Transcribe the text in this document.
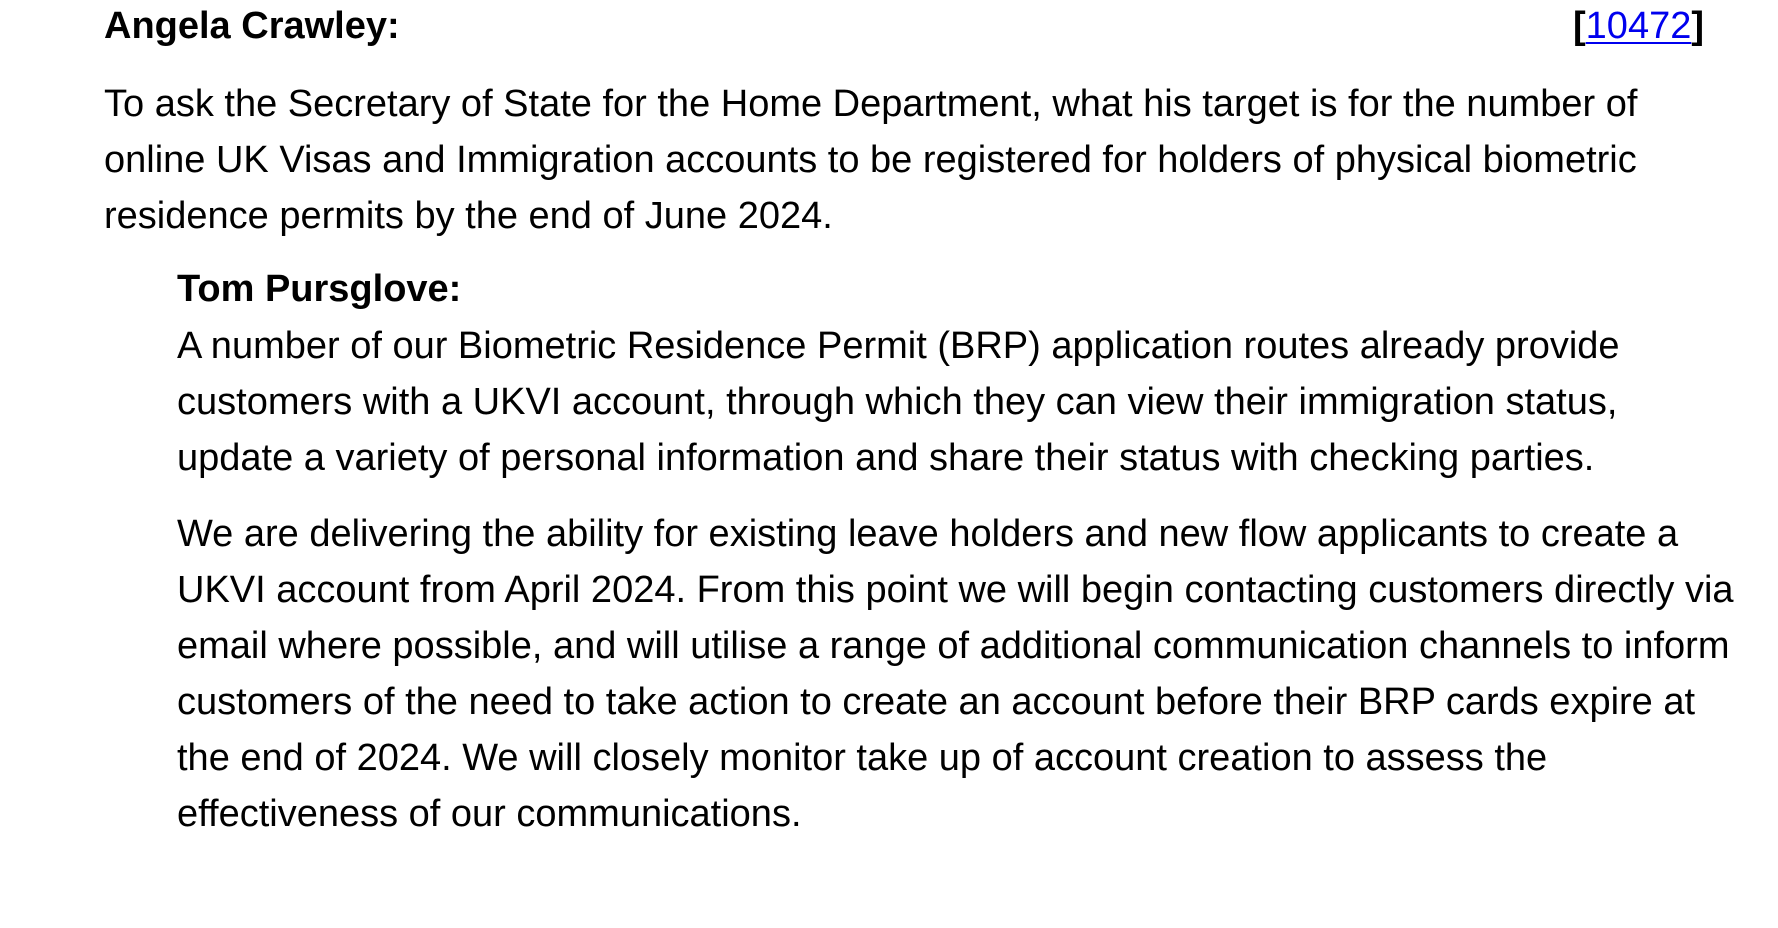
Angela Crawley:	[10472]

To ask the Secretary of State for the Home Department, what his target is for the number of online UK Visas and Immigration accounts to be registered for holders of physical biometric residence permits by the end of June 2024.

Tom Pursglove:

A number of our Biometric Residence Permit (BRP) application routes already provide customers with a UKVI account, through which they can view their immigration status, update a variety of personal information and share their status with checking parties.

We are delivering the ability for existing leave holders and new flow applicants to create a UKVI account from April 2024. From this point we will begin contacting customers directly via email where possible, and will utilise a range of additional communication channels to inform customers of the need to take action to create an account before their BRP cards expire at the end of 2024. We will closely monitor take up of account creation to assess the effectiveness of our communications.
